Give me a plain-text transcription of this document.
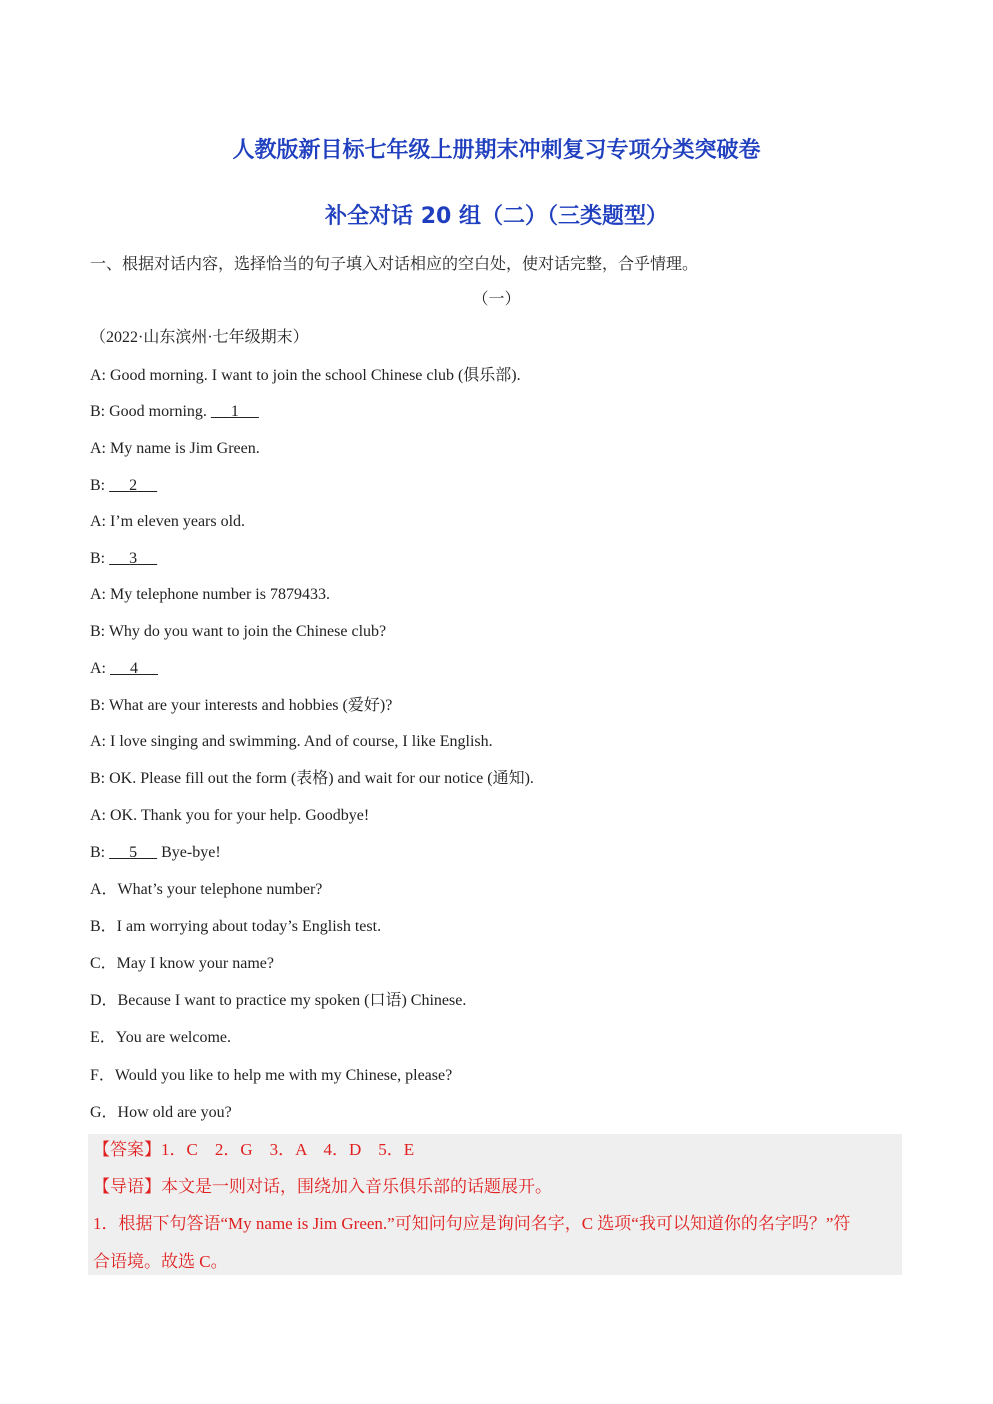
人教版新目标七年级上册期末冲刺复习专项分类突破卷
补全对话 20 组（二）（三类题型）
一、根据对话内容，选择恰当的句子填入对话相应的空白处，使对话完整，合乎情理。
（一）
（2022·山东滨州·七年级期末）
A: Good morning. I want to join the school Chinese club (俱乐部).
B: Good morning.      1
A: My name is Jim Green.
B:      2
A: I’m eleven years old.
B:      3
A: My telephone number is 7879433.
B: Why do you want to join the Chinese club?
A:      4
B: What are your interests and hobbies (爱好)?
A: I love singing and swimming. And of course, I like English.
B: OK. Please fill out the form (表格) and wait for our notice (通知).
A: OK. Thank you for your help. Goodbye!
B:      5      Bye-bye!
A．What’s your telephone number?
B．I am worrying about today’s English test.
C．May I know your name?
D．Because I want to practice my spoken (口语) Chinese.
E．You are welcome.
F．Would you like to help me with my Chinese, please?
G．How old are you?
【答案】1．C　2．G　3．A　4．D　5．E
【导语】本文是一则对话，围绕加入音乐俱乐部的话题展开。
1．根据下句答语“My name is Jim Green.”可知问句应是询问名字，C 选项“我可以知道你的名字吗？”符
合语境。故选 C。
